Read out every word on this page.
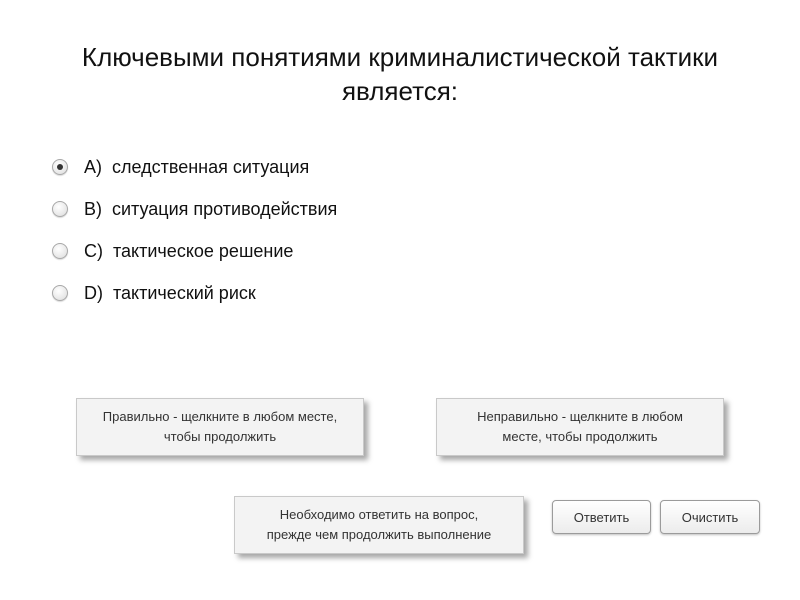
Ключевыми понятиями криминалистической тактики
является:
A) следственная ситуация
B) ситуация противодействия
C) тактическое решение
D) тактический риск
Правильно - щелкните в любом месте,
чтобы продолжить
Неправильно - щелкните в любом
месте, чтобы продолжить
Необходимо ответить на вопрос,
прежде чем продолжить выполнение
Ответить	Очистить
